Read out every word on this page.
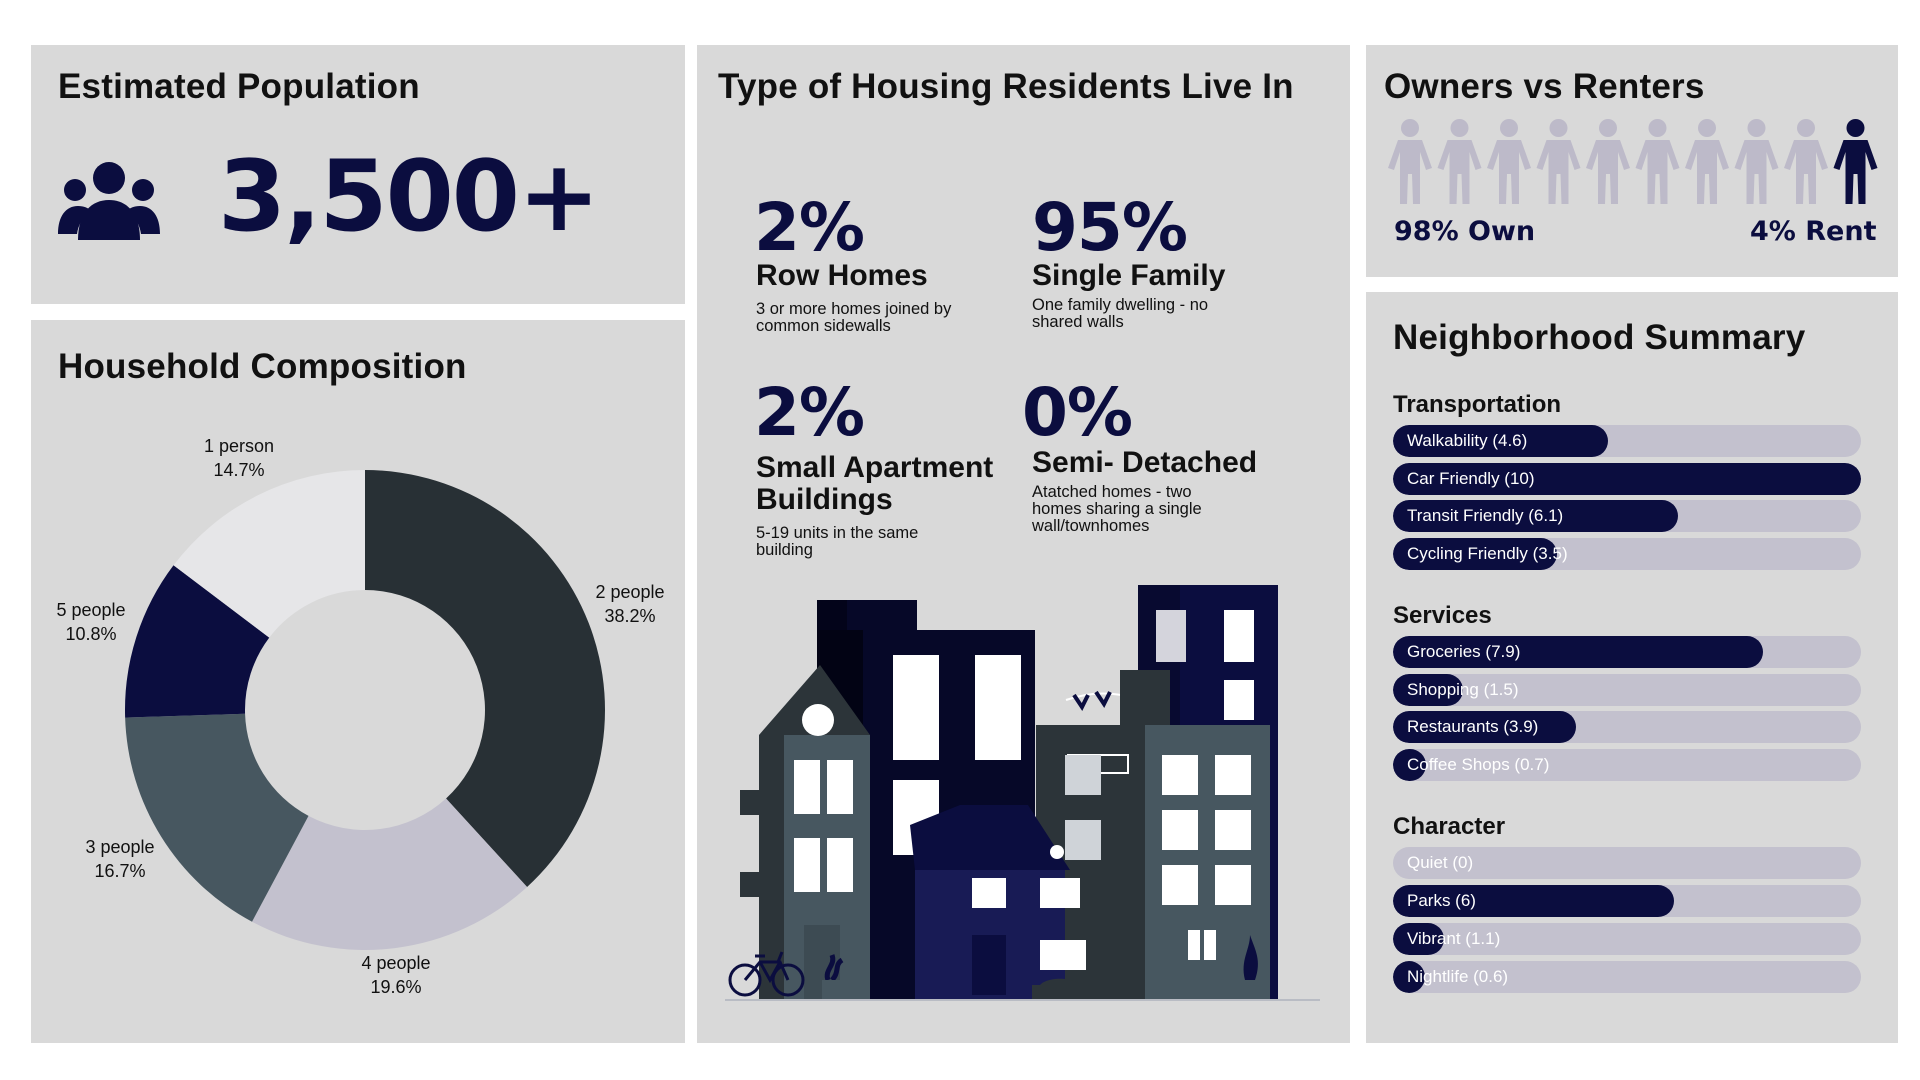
Estimated Population
3,500+
Household Composition
1 person
14.7%
2 people
38.2%
3 people
16.7%
4 people
19.6%
5 people
10.8%
Type of Housing Residents Live In
2%
Row Homes
3 or more homes joined by common sidewalls
95%
Single Family
One family dwelling - no shared walls
2%
Small Apartment Buildings
5-19 units in the same building
0%
Semi- Detached
Atatched homes - two homes sharing a single wall/townhomes
Owners vs Renters
98% Own	4% Rent
Neighborhood Summary
Transportation
Walkability (4.6)
Car Friendly (10)
Transit Friendly (6.1)
Cycling Friendly (3.5)
Services
Groceries (7.9)
Shopping (1.5)
Restaurants (3.9)
Coffee Shops (0.7)
Character
Quiet (0)
Parks (6)
Vibrant (1.1)
Nightlife (0.6)
